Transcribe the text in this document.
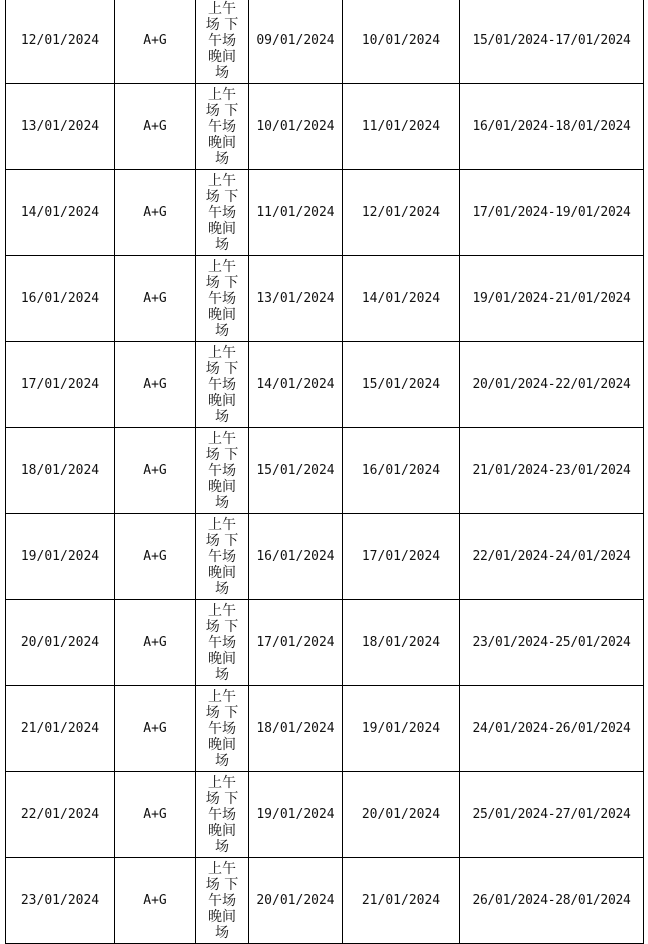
12/01/2024	A+G	上午
场 下
午场
晚间
场	09/01/2024	10/01/2024	15/01/2024-17/01/2024
13/01/2024	A+G	上午
场 下
午场
晚间
场	10/01/2024	11/01/2024	16/01/2024-18/01/2024
14/01/2024	A+G	上午
场 下
午场
晚间
场	11/01/2024	12/01/2024	17/01/2024-19/01/2024
16/01/2024	A+G	上午
场 下
午场
晚间
场	13/01/2024	14/01/2024	19/01/2024-21/01/2024
17/01/2024	A+G	上午
场 下
午场
晚间
场	14/01/2024	15/01/2024	20/01/2024-22/01/2024
18/01/2024	A+G	上午
场 下
午场
晚间
场	15/01/2024	16/01/2024	21/01/2024-23/01/2024
19/01/2024	A+G	上午
场 下
午场
晚间
场	16/01/2024	17/01/2024	22/01/2024-24/01/2024
20/01/2024	A+G	上午
场 下
午场
晚间
场	17/01/2024	18/01/2024	23/01/2024-25/01/2024
21/01/2024	A+G	上午
场 下
午场
晚间
场	18/01/2024	19/01/2024	24/01/2024-26/01/2024
22/01/2024	A+G	上午
场 下
午场
晚间
场	19/01/2024	20/01/2024	25/01/2024-27/01/2024
23/01/2024	A+G	上午
场 下
午场
晚间
场	20/01/2024	21/01/2024	26/01/2024-28/01/2024
